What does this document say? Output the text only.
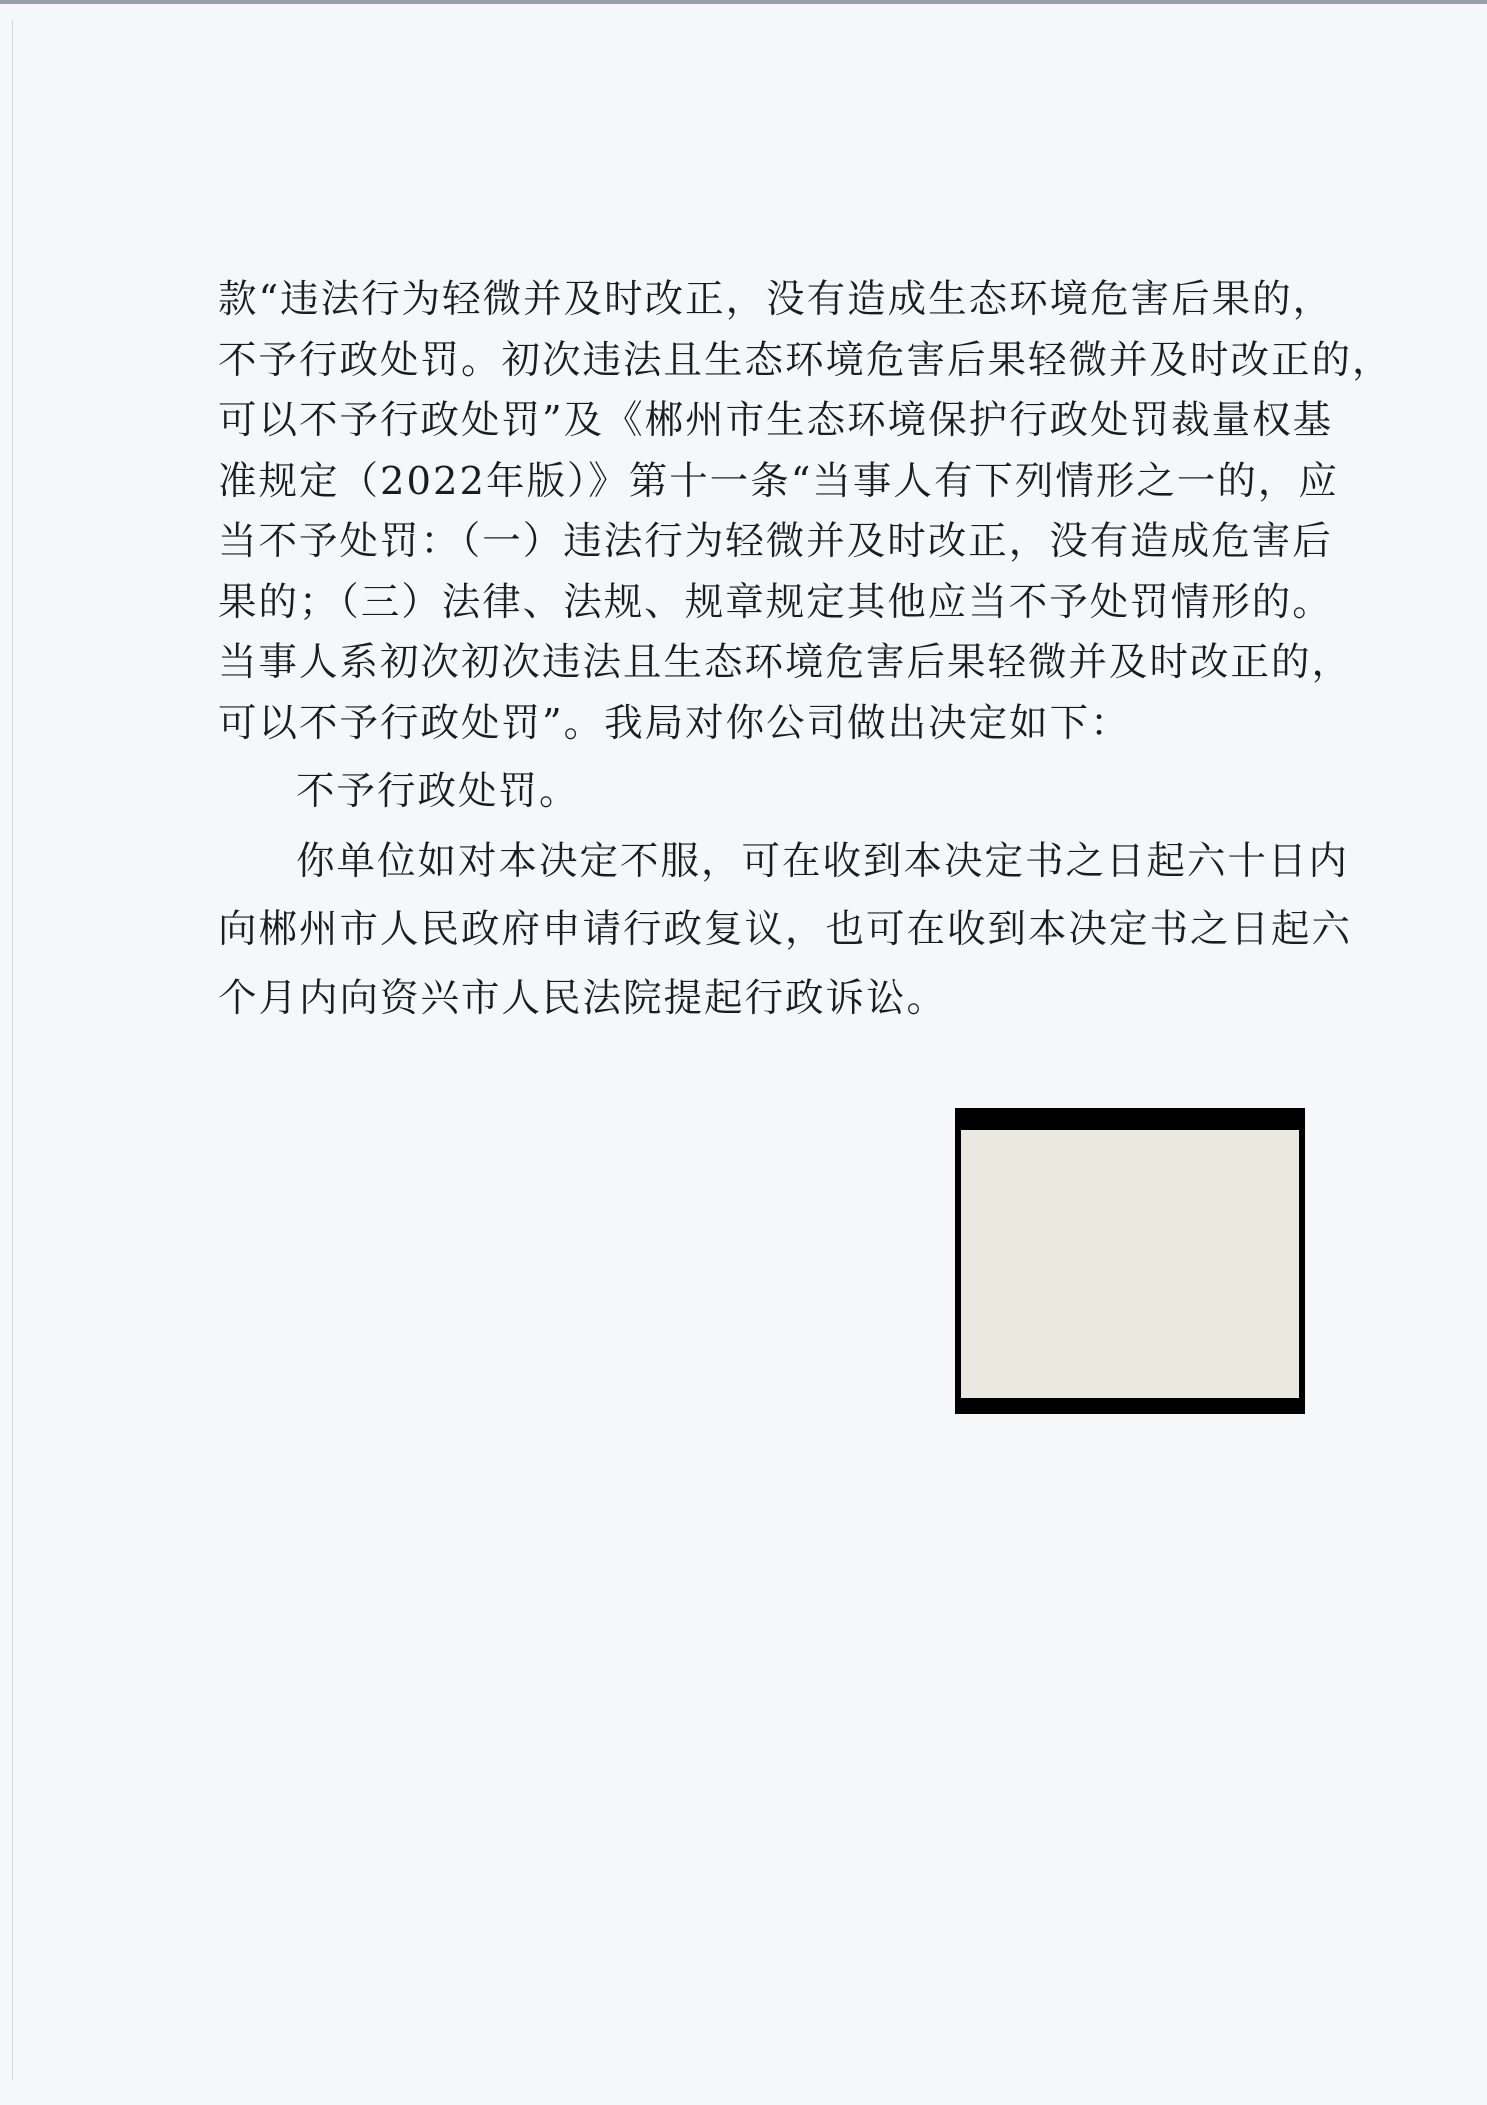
款“违法行为轻微并及时改正，没有造成生态环境危害后果的，
不予行政处罚。初次违法且生态环境危害后果轻微并及时改正的，
可以不予行政处罚”及《郴州市生态环境保护行政处罚裁量权基
准规定（2022年版）》第十一条“当事人有下列情形之一的，应
当不予处罚：（一）违法行为轻微并及时改正，没有造成危害后
果的；（三）法律、法规、规章规定其他应当不予处罚情形的。
当事人系初次初次违法且生态环境危害后果轻微并及时改正的，
可以不予行政处罚”。我局对你公司做出决定如下：
不予行政处罚。
你单位如对本决定不服，可在收到本决定书之日起六十日内
向郴州市人民政府申请行政复议，也可在收到本决定书之日起六
个月内向资兴市人民法院提起行政诉讼。
